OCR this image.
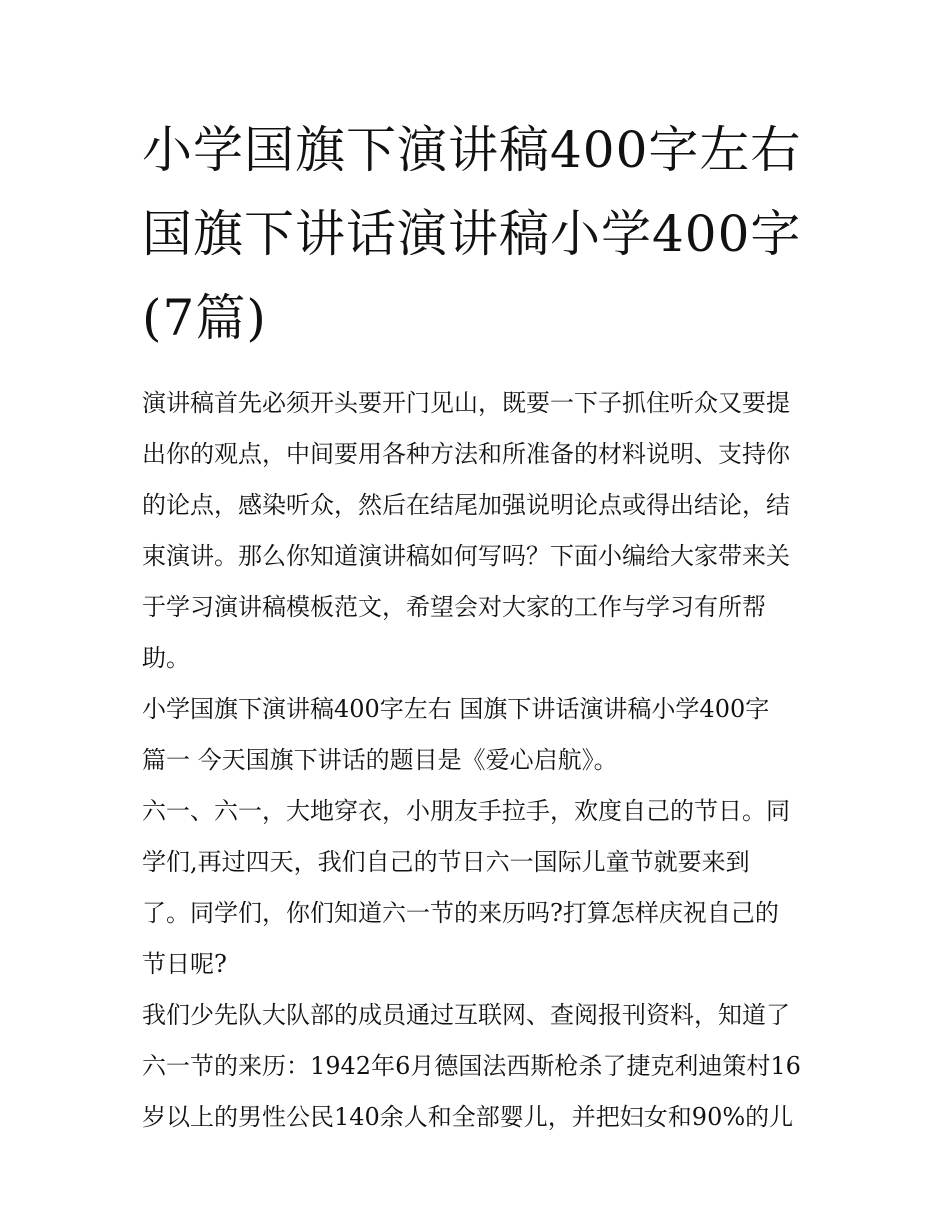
小学国旗下演讲稿400字左右
国旗下讲话演讲稿小学400字
(7篇)

演讲稿首先必须开头要开门见山，既要一下子抓住听众又要提
出你的观点，中间要用各种方法和所准备的材料说明、支持你
的论点，感染听众，然后在结尾加强说明论点或得出结论，结
束演讲。那么你知道演讲稿如何写吗？下面小编给大家带来关
于学习演讲稿模板范文，希望会对大家的工作与学习有所帮
助。

小学国旗下演讲稿400字左右 国旗下讲话演讲稿小学400字
篇一 今天国旗下讲话的题目是《爱心启航》。

六一、六一，大地穿衣，小朋友手拉手，欢度自己的节日。同
学们,再过四天，我们自己的节日六一国际儿童节就要来到
了。同学们，你们知道六一节的来历吗?打算怎样庆祝自己的
节日呢?

我们少先队大队部的成员通过互联网、查阅报刊资料，知道了
六一节的来历：1942年6月德国法西斯枪杀了捷克利迪策村16
岁以上的男性公民140余人和全部婴儿，并把妇女和90%的儿
